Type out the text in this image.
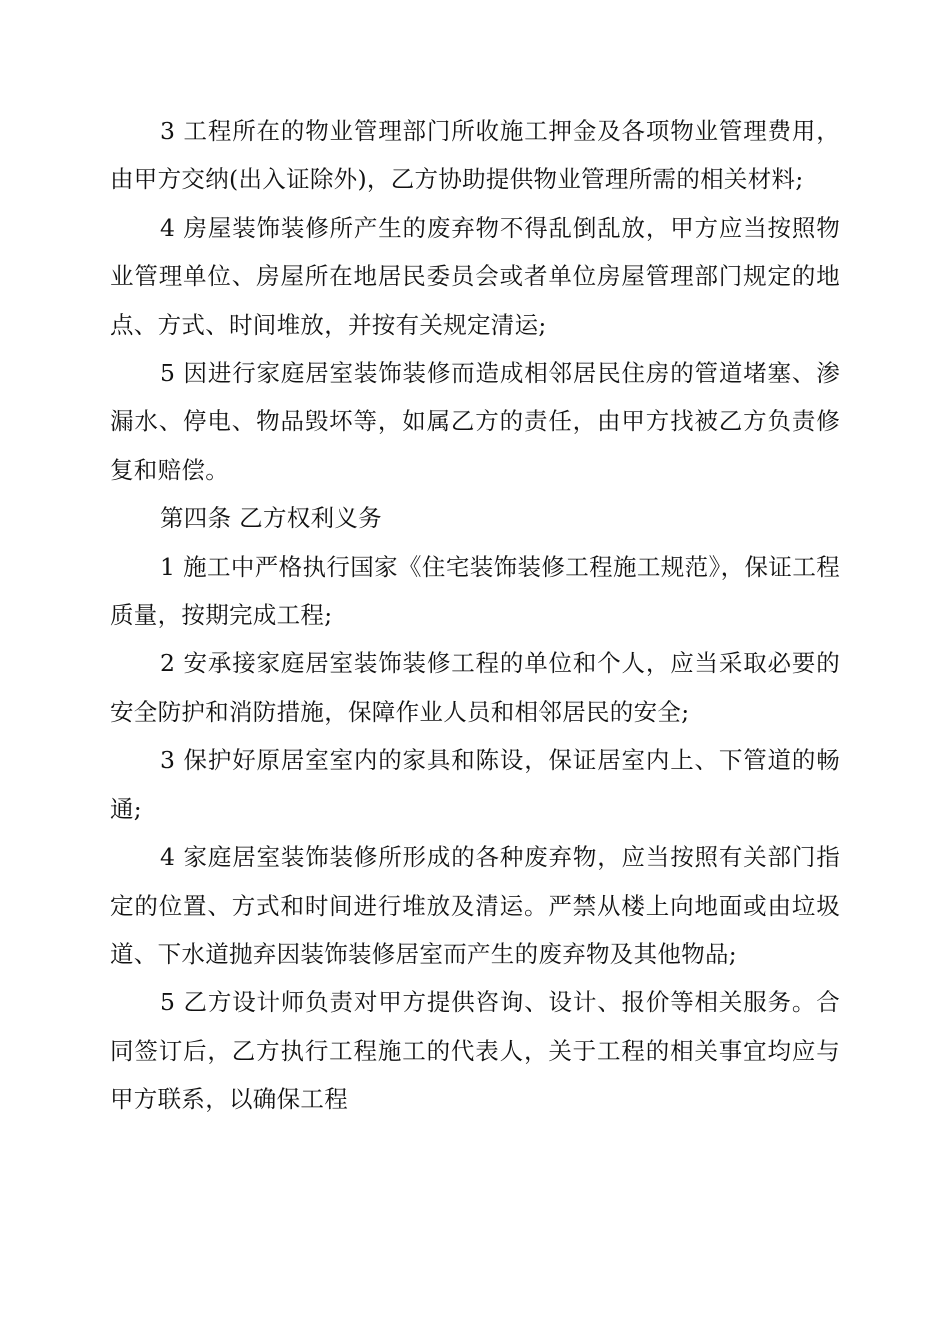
3 工程所在的物业管理部门所收施工押金及各项物业管理费用，由甲方交纳(出入证除外)，乙方协助提供物业管理所需的相关材料;

4 房屋装饰装修所产生的废弃物不得乱倒乱放，甲方应当按照物业管理单位、房屋所在地居民委员会或者单位房屋管理部门规定的地点、方式、时间堆放，并按有关规定清运;

5 因进行家庭居室装饰装修而造成相邻居民住房的管道堵塞、渗漏水、停电、物品毁坏等，如属乙方的责任，由甲方找被乙方负责修复和赔偿。

第四条 乙方权利义务

1 施工中严格执行国家《住宅装饰装修工程施工规范》，保证工程质量，按期完成工程;

2 安承接家庭居室装饰装修工程的单位和个人，应当采取必要的安全防护和消防措施，保障作业人员和相邻居民的安全;

3 保护好原居室室内的家具和陈设，保证居室内上、下管道的畅通;

4 家庭居室装饰装修所形成的各种废弃物，应当按照有关部门指定的位置、方式和时间进行堆放及清运。严禁从楼上向地面或由垃圾道、下水道抛弃因装饰装修居室而产生的废弃物及其他物品;

5 乙方设计师负责对甲方提供咨询、设计、报价等相关服务。合同签订后，乙方执行工程施工的代表人，关于工程的相关事宜均应与甲方联系，以确保工程
